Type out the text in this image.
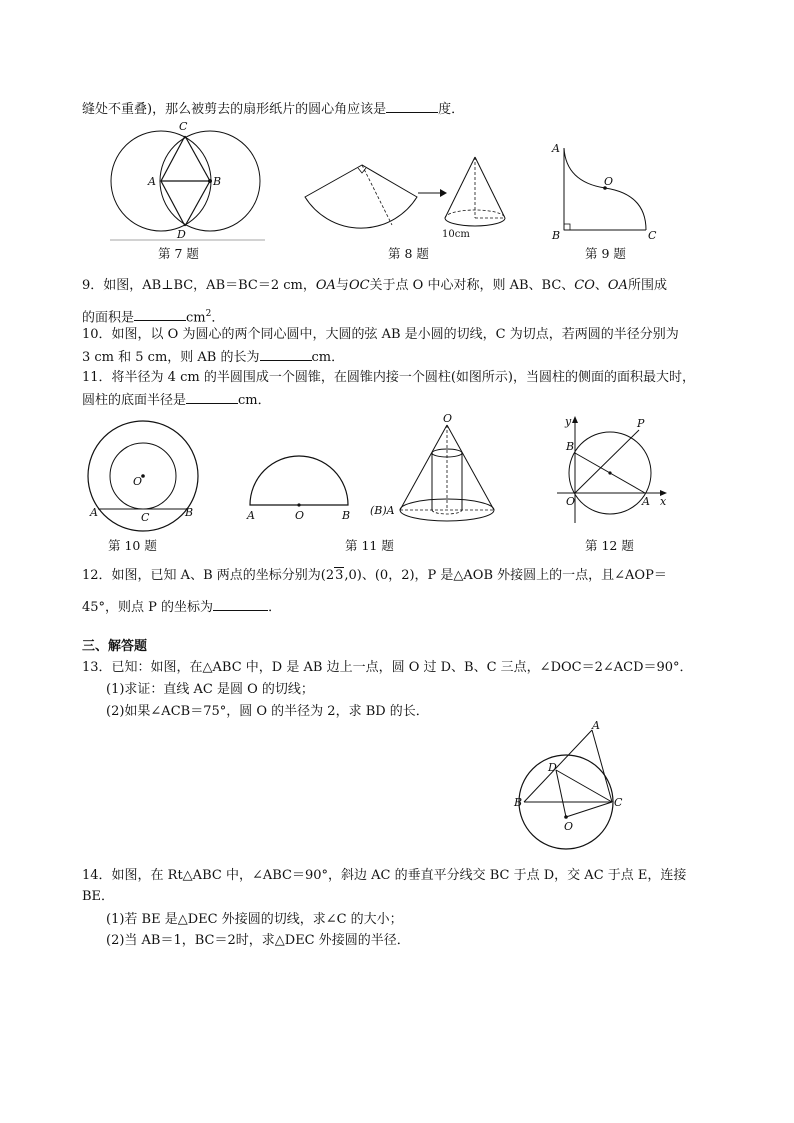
缝处不重叠)，那么被剪去的扇形纸片的圆心角应该是	度．
C
A	B
D
第 7 题
10cm
第 8 题
A
O
B	C
第 9 题
9．如图，AB⊥BC，AB＝BC＝2 cm，OA与OC关于点 O 中心对称，则 AB、BC、CO、OA所围成
的面积是	$cm^2$．
10．如图，以 O 为圆心的两个同心圆中，大圆的弦 AB 是小圆的切线，C 为切点，若两圆的半径分别为
3 cm 和 5 cm，则 AB 的长为	cm．
11．将半径为 4 cm 的半圆围成一个圆锥，在圆锥内接一个圆柱(如图所示)，当圆柱的侧面的面积最大时，
圆柱的底面半径是	cm．
O
A	C	B
第 10 题
A	O	B
O
(B)A
第 11 题
y
B
P
O	A x
第 12 题
12．如图，已知 A、B 两点的坐标分别为(23,0)、(0，2)，P 是△AOB 外接圆上的一点，且∠AOP＝
45°，则点 P 的坐标为	．
三、解答题
13．已知：如图，在△ABC 中，D 是 AB 边上一点，圆 O 过 D、B、C 三点，∠DOC＝2∠ACD＝90°．
(1)求证：直线 AC 是圆 O 的切线；
(2)如果∠ACB＝75°，圆 O 的半径为 2，求 BD 的长．
A
D
B	C
O
14．如图，在 Rt△ABC 中，∠ABC＝90°，斜边 AC 的垂直平分线交 BC 于点 D，交 AC 于点 E，连接
BE．
(1)若 BE 是△DEC 外接圆的切线，求∠C 的大小；
(2)当 AB＝1，BC＝2时，求△DEC 外接圆的半径．
